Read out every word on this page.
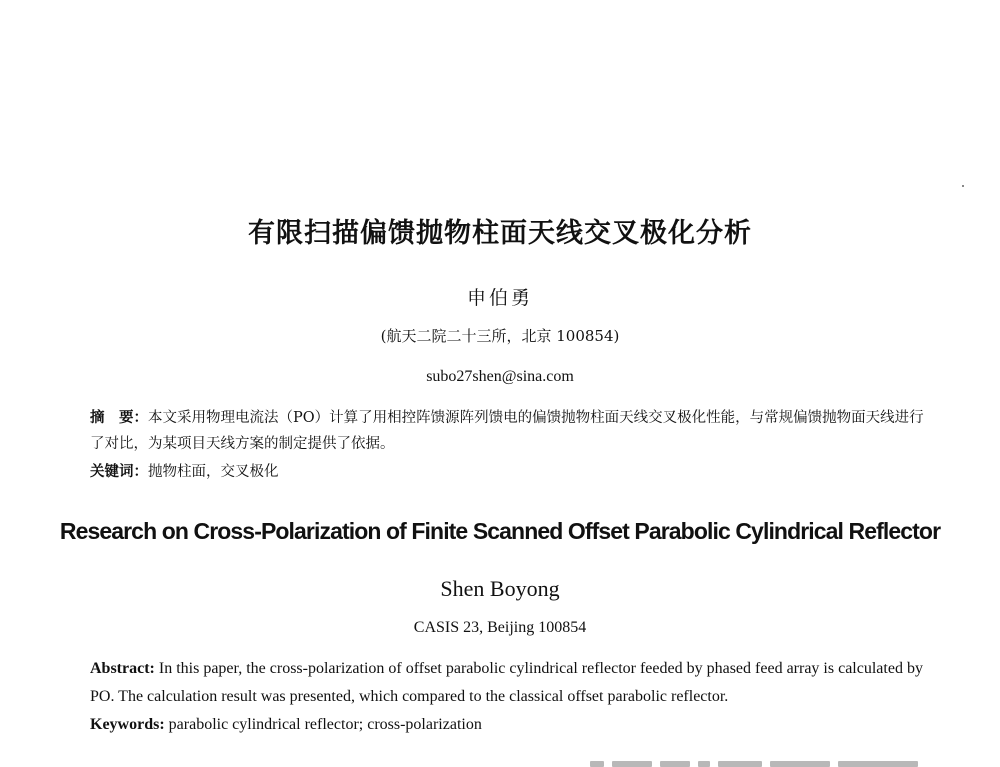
有限扫描偏馈抛物柱面天线交叉极化分析
申伯勇
(航天二院二十三所，北京 100854)
subo27shen@sina.com
摘　要：本文采用物理电流法（PO）计算了用相控阵馈源阵列馈电的偏馈抛物柱面天线交叉极化性能，与常规偏馈抛物面天线进行了对比，为某项目天线方案的制定提供了依据。
关键词：抛物柱面，交叉极化
Research on Cross-Polarization of Finite Scanned Offset Parabolic Cylindrical Reflector
Shen Boyong
CASIS 23, Beijing 100854
Abstract: In this paper, the cross-polarization of offset parabolic cylindrical reflector feeded by phased feed array is calculated by PO. The calculation result was presented, which compared to the classical offset parabolic reflector.
Keywords: parabolic cylindrical reflector; cross-polarization
